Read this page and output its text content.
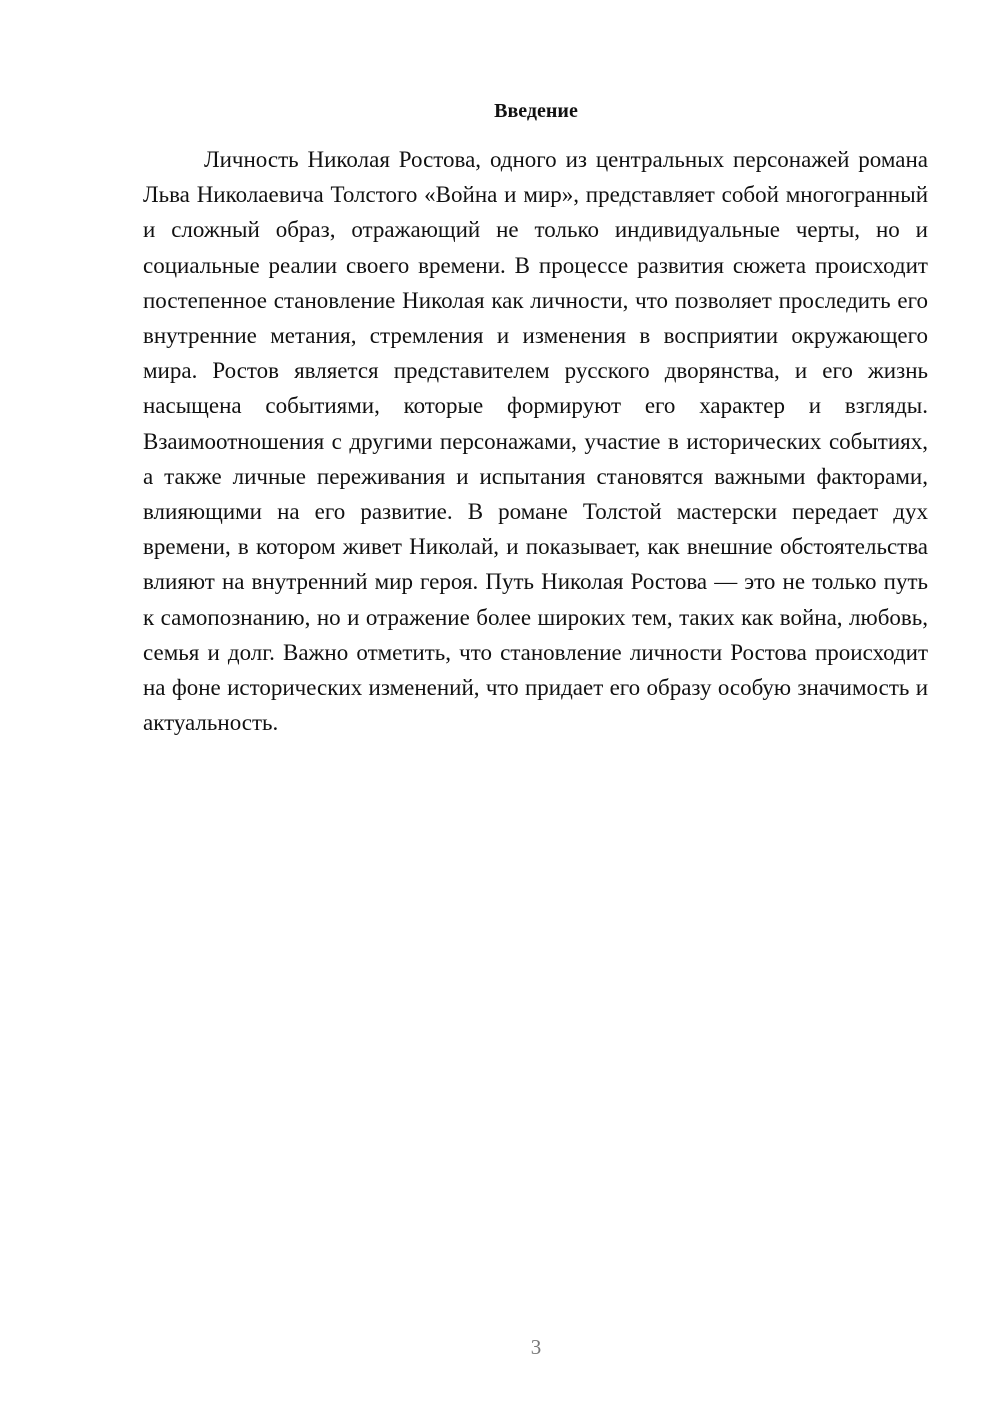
Введение

Личность Николая Ростова, одного из центральных персонажей романа Льва Николаевича Толстого «Война и мир», представляет собой многогранный и сложный образ, отражающий не только индивидуальные черты, но и социальные реалии своего времени. В процессе развития сюжета происходит постепенное становление Николая как личности, что позволяет проследить его внутренние метания, стремления и изменения в восприятии окружающего мира. Ростов является представителем русского дворянства, и его жизнь насыщена событиями, которые формируют его характер и взгляды. Взаимоотношения с другими персонажами, участие в исторических событиях, а также личные переживания и испытания становятся важными факторами, влияющими на его развитие. В романе Толстой мастерски передает дух времени, в котором живет Николай, и показывает, как внешние обстоятельства влияют на внутренний мир героя. Путь Николая Ростова — это не только путь к самопознанию, но и отражение более широких тем, таких как война, любовь, семья и долг. Важно отметить, что становление личности Ростова происходит на фоне исторических изменений, что придает его образу особую значимость и актуальность.

3
